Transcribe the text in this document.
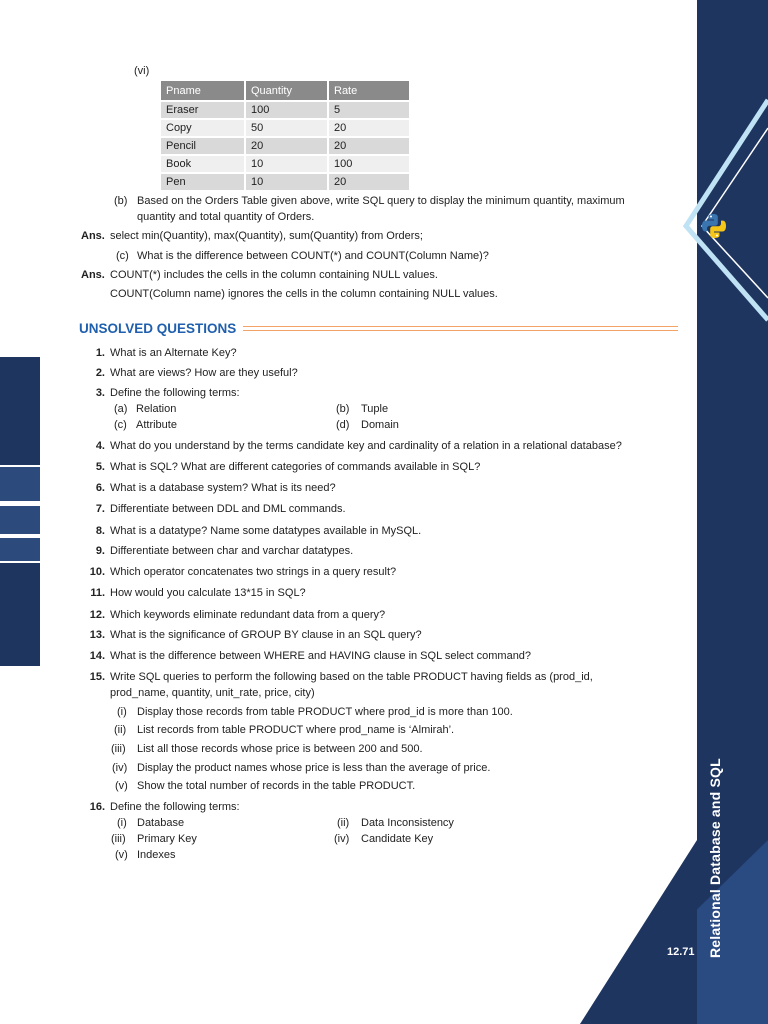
12.71 Relational Database and SQL
(vi)
Pname	Quantity	Rate
Eraser	100	5
Copy	50	20
Pencil	20	20
Book	10	100
Pen	10	20
(b) Based on the Orders Table given above, write SQL query to display the minimum quantity, maximum
quantity and total quantity of Orders.
Ans. select min(Quantity), max(Quantity), sum(Quantity) from Orders;
(c) What is the difference between COUNT(*) and COUNT(Column Name)?
Ans. COUNT(*) includes the cells in the column containing NULL values.
COUNT(Column name) ignores the cells in the column containing NULL values.
UNSOLVED QUESTIONS
1. What is an Alternate Key?
2. What are views? How are they useful?
3. Define the following terms:
(a) Relation	(b) Tuple
(c) Attribute	(d) Domain
4. What do you understand by the terms candidate key and cardinality of a relation in a relational database?
5. What is SQL? What are different categories of commands available in SQL?
6. What is a database system? What is its need?
7. Differentiate between DDL and DML commands.
8. What is a datatype? Name some datatypes available in MySQL.
9. Differentiate between char and varchar datatypes.
10. Which operator concatenates two strings in a query result?
11. How would you calculate 13*15 in SQL?
12. Which keywords eliminate redundant data from a query?
13. What is the significance of GROUP BY clause in an SQL query?
14. What is the difference between WHERE and HAVING clause in SQL select command?
15. Write SQL queries to perform the following based on the table PRODUCT having fields as (prod_id,
prod_name, quantity, unit_rate, price, city)
(i) Display those records from table PRODUCT where prod_id is more than 100.
(ii) List records from table PRODUCT where prod_name is ‘Almirah’.
(iii) List all those records whose price is between 200 and 500.
(iv) Display the product names whose price is less than the average of price.
(v) Show the total number of records in the table PRODUCT.
16. Define the following terms:
(i) Database	(ii) Data Inconsistency
(iii) Primary Key	(iv) Candidate Key
(v) Indexes
